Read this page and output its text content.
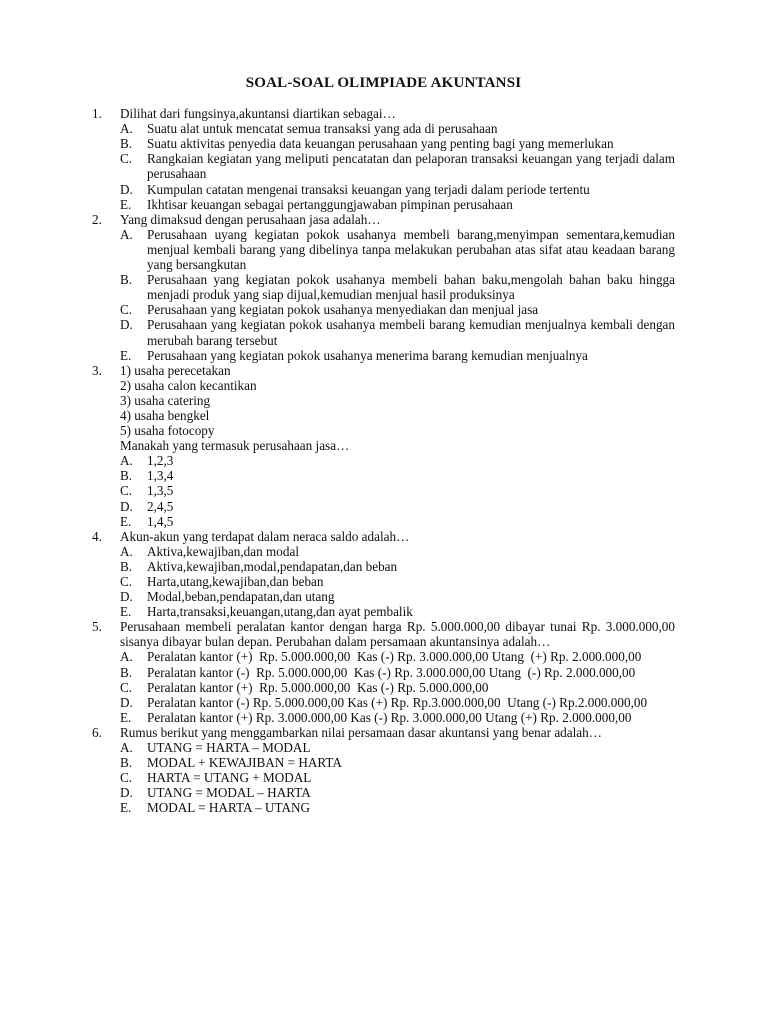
SOAL-SOAL OLIMPIADE AKUNTANSI
1. Dilihat dari fungsinya,akuntansi diartikan sebagai…
A. Suatu alat untuk mencatat semua transaksi yang ada di perusahaan
B. Suatu aktivitas penyedia data keuangan perusahaan yang penting bagi yang memerlukan
C. Rangkaian kegiatan yang meliputi pencatatan dan pelaporan transaksi keuangan yang terjadi dalam perusahaan
D. Kumpulan catatan mengenai transaksi keuangan yang terjadi dalam periode tertentu
E. Ikhtisar keuangan sebagai pertanggungjawaban pimpinan perusahaan
2. Yang dimaksud dengan perusahaan jasa adalah…
A. Perusahaan uyang kegiatan pokok usahanya membeli barang,menyimpan sementara,kemudian menjual kembali barang yang dibelinya tanpa melakukan perubahan atas sifat atau keadaan barang yang bersangkutan
B. Perusahaan yang kegiatan pokok usahanya membeli bahan baku,mengolah bahan baku hingga menjadi produk yang siap dijual,kemudian menjual hasil produksinya
C. Perusahaan yang kegiatan pokok usahanya menyediakan dan menjual jasa
D. Perusahaan yang kegiatan pokok usahanya membeli barang kemudian menjualnya kembali dengan merubah barang tersebut
E. Perusahaan yang kegiatan pokok usahanya menerima barang kemudian menjualnya
3. 1) usaha perecetakan
2) usaha calon kecantikan
3) usaha catering
4) usaha bengkel
5) usaha fotocopy
Manakah yang termasuk perusahaan jasa…
A. 1,2,3
B. 1,3,4
C. 1,3,5
D. 2,4,5
E. 1,4,5
4. Akun-akun yang terdapat dalam neraca saldo adalah…
A. Aktiva,kewajiban,dan modal
B. Aktiva,kewajiban,modal,pendapatan,dan beban
C. Harta,utang,kewajiban,dan beban
D. Modal,beban,pendapatan,dan utang
E. Harta,transaksi,keuangan,utang,dan ayat pembalik
5. Perusahaan membeli peralatan kantor dengan harga Rp. 5.000.000,00 dibayar tunai Rp. 3.000.000,00 sisanya dibayar bulan depan. Perubahan dalam persamaan akuntansinya adalah…
A. Peralatan kantor (+)  Rp. 5.000.000,00  Kas (-) Rp. 3.000.000,00 Utang  (+) Rp. 2.000.000,00
B. Peralatan kantor (-)  Rp. 5.000.000,00  Kas (-) Rp. 3.000.000,00 Utang  (-) Rp. 2.000.000,00
C. Peralatan kantor (+)  Rp. 5.000.000,00  Kas (-) Rp. 5.000.000,00
D. Peralatan kantor (-) Rp. 5.000.000,00 Kas (+) Rp. Rp.3.000.000,00  Utang (-) Rp.2.000.000,00
E. Peralatan kantor (+) Rp. 3.000.000,00 Kas (-) Rp. 3.000.000,00 Utang (+) Rp. 2.000.000,00
6. Rumus berikut yang menggambarkan nilai persamaan dasar akuntansi yang benar adalah…
A. UTANG = HARTA – MODAL
B. MODAL + KEWAJIBAN = HARTA
C. HARTA = UTANG + MODAL
D. UTANG = MODAL – HARTA
E. MODAL = HARTA – UTANG
